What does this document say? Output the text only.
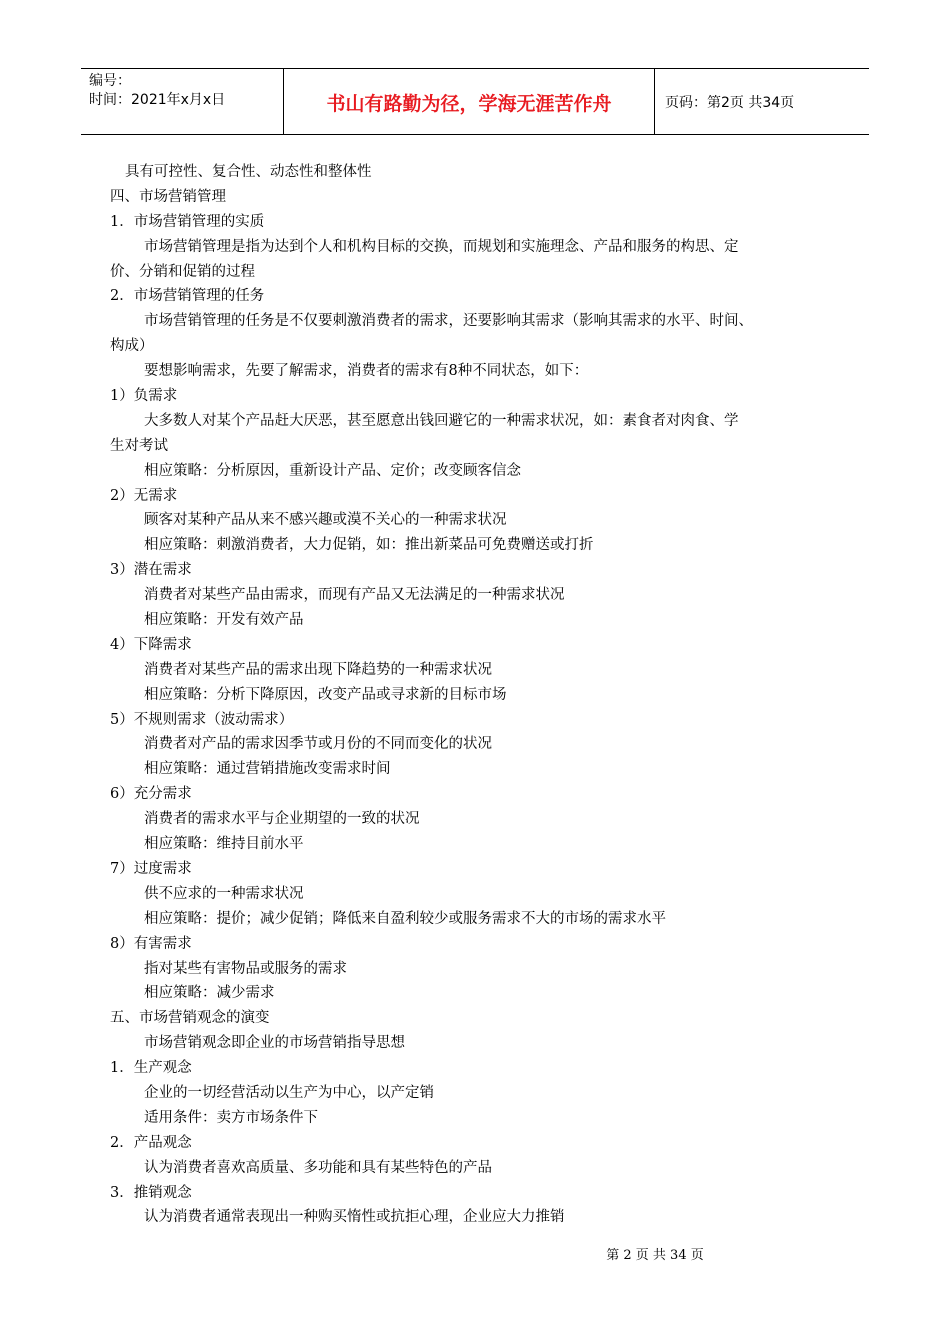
编号：
时间：2021年x月x日	书山有路勤为径，学海无涯苦作舟	页码：第2页 共34页
具有可控性、复合性、动态性和整体性
四、市场营销管理
1．市场营销管理的实质
市场营销管理是指为达到个人和机构目标的交换，而规划和实施理念、产品和服务的构思、定
价、分销和促销的过程
2．市场营销管理的任务
市场营销管理的任务是不仅要刺激消费者的需求，还要影响其需求（影响其需求的水平、时间、
构成）
要想影响需求，先要了解需求，消费者的需求有8种不同状态，如下：
1）负需求
大多数人对某个产品赶大厌恶，甚至愿意出钱回避它的一种需求状况，如：素食者对肉食、学
生对考试
相应策略：分析原因，重新设计产品、定价；改变顾客信念
2）无需求
顾客对某种产品从来不感兴趣或漠不关心的一种需求状况
相应策略：刺激消费者，大力促销，如：推出新菜品可免费赠送或打折
3）潜在需求
消费者对某些产品由需求，而现有产品又无法满足的一种需求状况
相应策略：开发有效产品
4）下降需求
消费者对某些产品的需求出现下降趋势的一种需求状况
相应策略：分析下降原因，改变产品或寻求新的目标市场
5）不规则需求（波动需求）
消费者对产品的需求因季节或月份的不同而变化的状况
相应策略：通过营销措施改变需求时间
6）充分需求
消费者的需求水平与企业期望的一致的状况
相应策略：维持目前水平
7）过度需求
供不应求的一种需求状况
相应策略：提价；减少促销；降低来自盈利较少或服务需求不大的市场的需求水平
8）有害需求
指对某些有害物品或服务的需求
相应策略：减少需求
五、市场营销观念的演变
市场营销观念即企业的市场营销指导思想
1．生产观念
企业的一切经营活动以生产为中心，以产定销
适用条件：卖方市场条件下
2．产品观念
认为消费者喜欢高质量、多功能和具有某些特色的产品
3．推销观念
认为消费者通常表现出一种购买惰性或抗拒心理，企业应大力推销
第 2 页 共 34 页
